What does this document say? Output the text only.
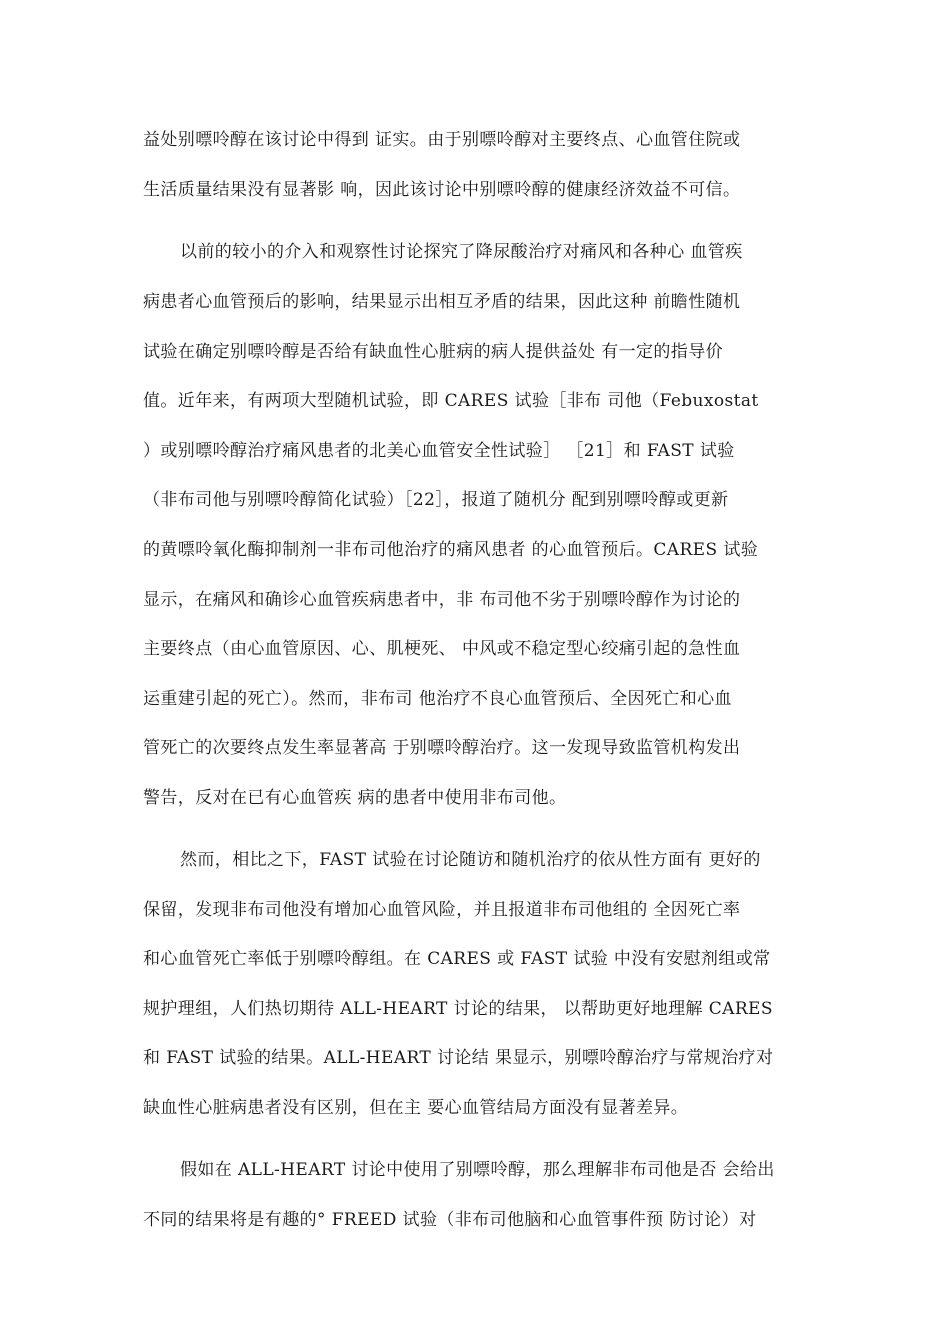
益处别嘌呤醇在该讨论中得到 证实。由于别嘌呤醇对主要终点、心血管住院或
生活质量结果没有显著影 响，因此该讨论中别嘌呤醇的健康经济效益不可信。
以前的较小的介入和观察性讨论探究了降尿酸治疗对痛风和各种心 血管疾
病患者心血管预后的影响，结果显示出相互矛盾的结果，因此这种 前瞻性随机
试验在确定别嘌呤醇是否给有缺血性心脏病的病人提供益处 有一定的指导价
值。近年来，有两项大型随机试验，即 CARES 试验［非布 司他（Febuxostat
）或别嘌呤醇治疗痛风患者的北美心血管安全性试验］ ［21］和 FAST 试验
（非布司他与别嘌呤醇简化试验）［22］，报道了随机分 配到别嘌呤醇或更新
的黄嘌呤氧化酶抑制剂一非布司他治疗的痛风患者 的心血管预后。CARES 试验
显示，在痛风和确诊心血管疾病患者中，非 布司他不劣于别嘌呤醇作为讨论的
主要终点（由心血管原因、心、肌梗死、 中风或不稳定型心绞痛引起的急性血
运重建引起的死亡）。然而，非布司 他治疗不良心血管预后、全因死亡和心血
管死亡的次要终点发生率显著高 于别嘌呤醇治疗。这一发现导致监管机构发出
警告，反对在已有心血管疾 病的患者中使用非布司他。
然而，相比之下，FAST 试验在讨论随访和随机治疗的依从性方面有 更好的
保留，发现非布司他没有增加心血管风险，并且报道非布司他组的 全因死亡率
和心血管死亡率低于别嘌呤醇组。在 CARES 或 FAST 试验 中没有安慰剂组或常
规护理组，人们热切期待 ALL-HEART 讨论的结果， 以帮助更好地理解 CARES
和 FAST 试验的结果。ALL-HEART 讨论结 果显示，别嘌呤醇治疗与常规治疗对
缺血性心脏病患者没有区别，但在主 要心血管结局方面没有显著差异。
假如在 ALL-HEART 讨论中使用了别嘌呤醇，那么理解非布司他是否 会给出
不同的结果将是有趣的° FREED 试验（非布司他脑和心血管事件预 防讨论）对
